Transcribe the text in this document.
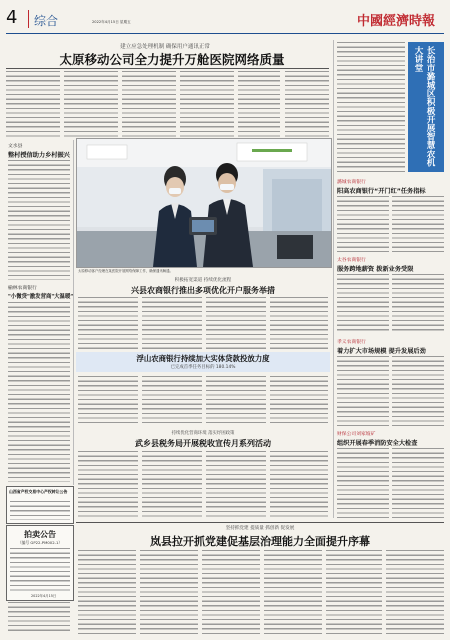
4 综合	2022年4月15日 星期五	中國經濟時報
建立应急处理机制 确保用户通讯正常
太原移动公司全力提升万舱医院网络质量
文水县
整村授信助力乡村振兴
榆林农商银行
"小微贷"激发营商"大温暖"
太原移动客户经理在某医院开展网络保障工作，确保通讯畅通。
积极拓宽渠道 持续优化流程
兴县农商银行推出多项优化开户服务举措
浮山农商银行持续加大实体贷款投放力度
已完成首季任务目标的 180.14%
持续优化营商环境 落实纾困政策
武乡县税务局开展税收宣传月系列活动
山西省产权交易中心产权转让公告
拍卖公告
（编号 GP22-PM002-1）
2022年4月15日
坚持抓党建 提质量 抓创新 促发展
岚县拉开抓党建促基层治理能力全面提升序幕
长治市潞城区积极开展智慧农机大讲堂
潞城农商银行
阳高农商银行“开门红”任务指标
太谷农商银行
服务跨地薪资 拨新业务受限
孝义农商银行
着力扩大市场规模 提升发展后劲
财保公司刘家坡矿
组织开展春季消防安全大检查
